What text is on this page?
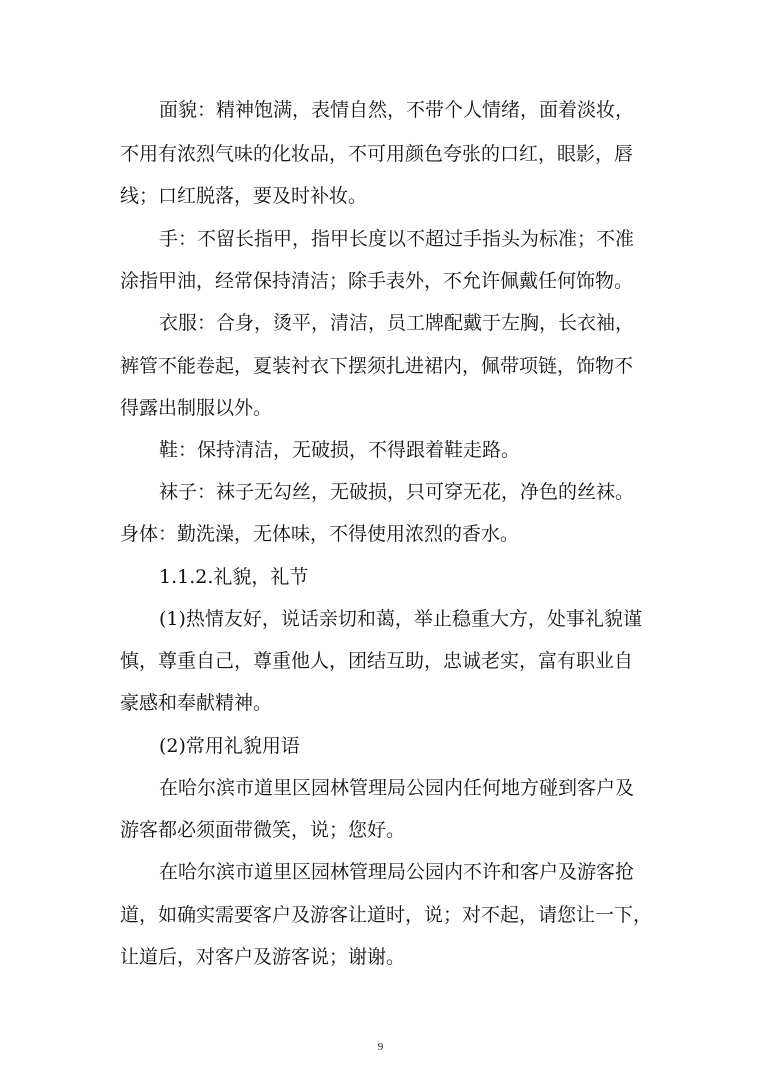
面貌：精神饱满，表情自然，不带个人情绪，面着淡妆，

不用有浓烈气味的化妆品，不可用颜色夸张的口红，眼影，唇

线；口红脱落，要及时补妆。

手：不留长指甲，指甲长度以不超过手指头为标准；不准

涂指甲油，经常保持清洁；除手表外，不允许佩戴任何饰物。

衣服：合身，烫平，清洁，员工牌配戴于左胸，长衣袖，

裤管不能卷起，夏装衬衣下摆须扎进裙内，佩带项链，饰物不

得露出制服以外。

鞋：保持清洁，无破损，不得跟着鞋走路。

袜子：袜子无勾丝，无破损，只可穿无花，净色的丝袜。

身体：勤洗澡，无体味，不得使用浓烈的香水。

1.1.2.礼貌，礼节

(1)热情友好，说话亲切和蔼，举止稳重大方，处事礼貌谨

慎，尊重自己，尊重他人，团结互助，忠诚老实，富有职业自

豪感和奉献精神。

(2)常用礼貌用语

在哈尔滨市道里区园林管理局公园内任何地方碰到客户及

游客都必须面带微笑，说；您好。

在哈尔滨市道里区园林管理局公园内不许和客户及游客抢

道，如确实需要客户及游客让道时，说；对不起，请您让一下，

让道后，对客户及游客说；谢谢。

9
